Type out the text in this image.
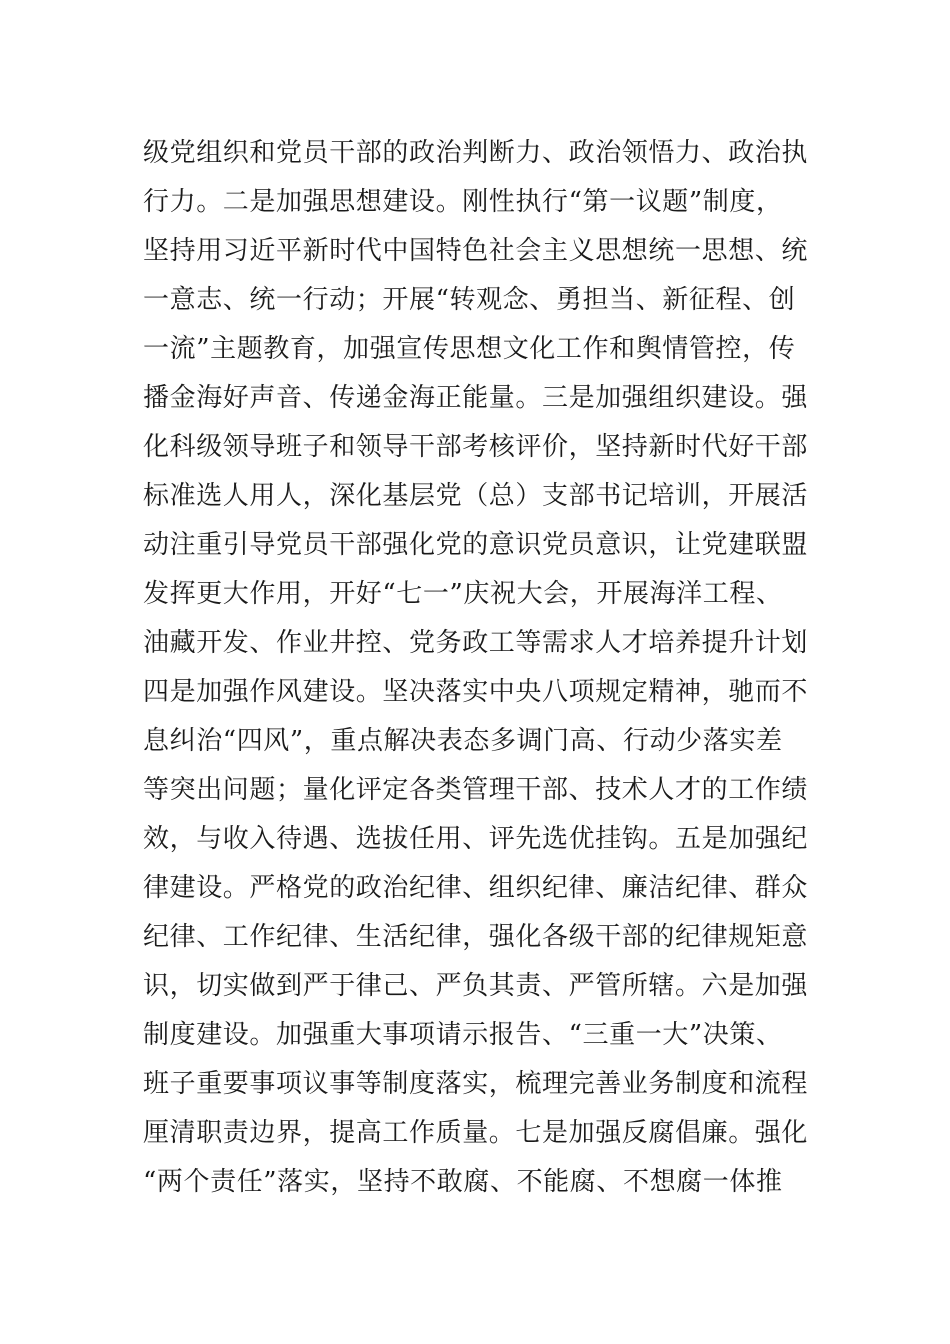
级党组织和党员干部的政治判断力、政治领悟力、政治执
行力。二是加强思想建设。刚性执行“第一议题”制度，
坚持用习近平新时代中国特色社会主义思想统一思想、统
一意志、统一行动；开展“转观念、勇担当、新征程、创
一流”主题教育，加强宣传思想文化工作和舆情管控，传
播金海好声音、传递金海正能量。三是加强组织建设。强
化科级领导班子和领导干部考核评价，坚持新时代好干部
标准选人用人，深化基层党（总）支部书记培训，开展活
动注重引导党员干部强化党的意识党员意识，让党建联盟
发挥更大作用，开好“七一”庆祝大会，开展海洋工程、
油藏开发、作业井控、党务政工等需求人才培养提升计划
四是加强作风建设。坚决落实中央八项规定精神，驰而不
息纠治“四风”，重点解决表态多调门高、行动少落实差
等突出问题；量化评定各类管理干部、技术人才的工作绩
效，与收入待遇、选拔任用、评先选优挂钩。五是加强纪
律建设。严格党的政治纪律、组织纪律、廉洁纪律、群众
纪律、工作纪律、生活纪律，强化各级干部的纪律规矩意
识，切实做到严于律己、严负其责、严管所辖。六是加强
制度建设。加强重大事项请示报告、“三重一大”决策、
班子重要事项议事等制度落实，梳理完善业务制度和流程
厘清职责边界，提高工作质量。七是加强反腐倡廉。强化
“两个责任”落实，坚持不敢腐、不能腐、不想腐一体推
